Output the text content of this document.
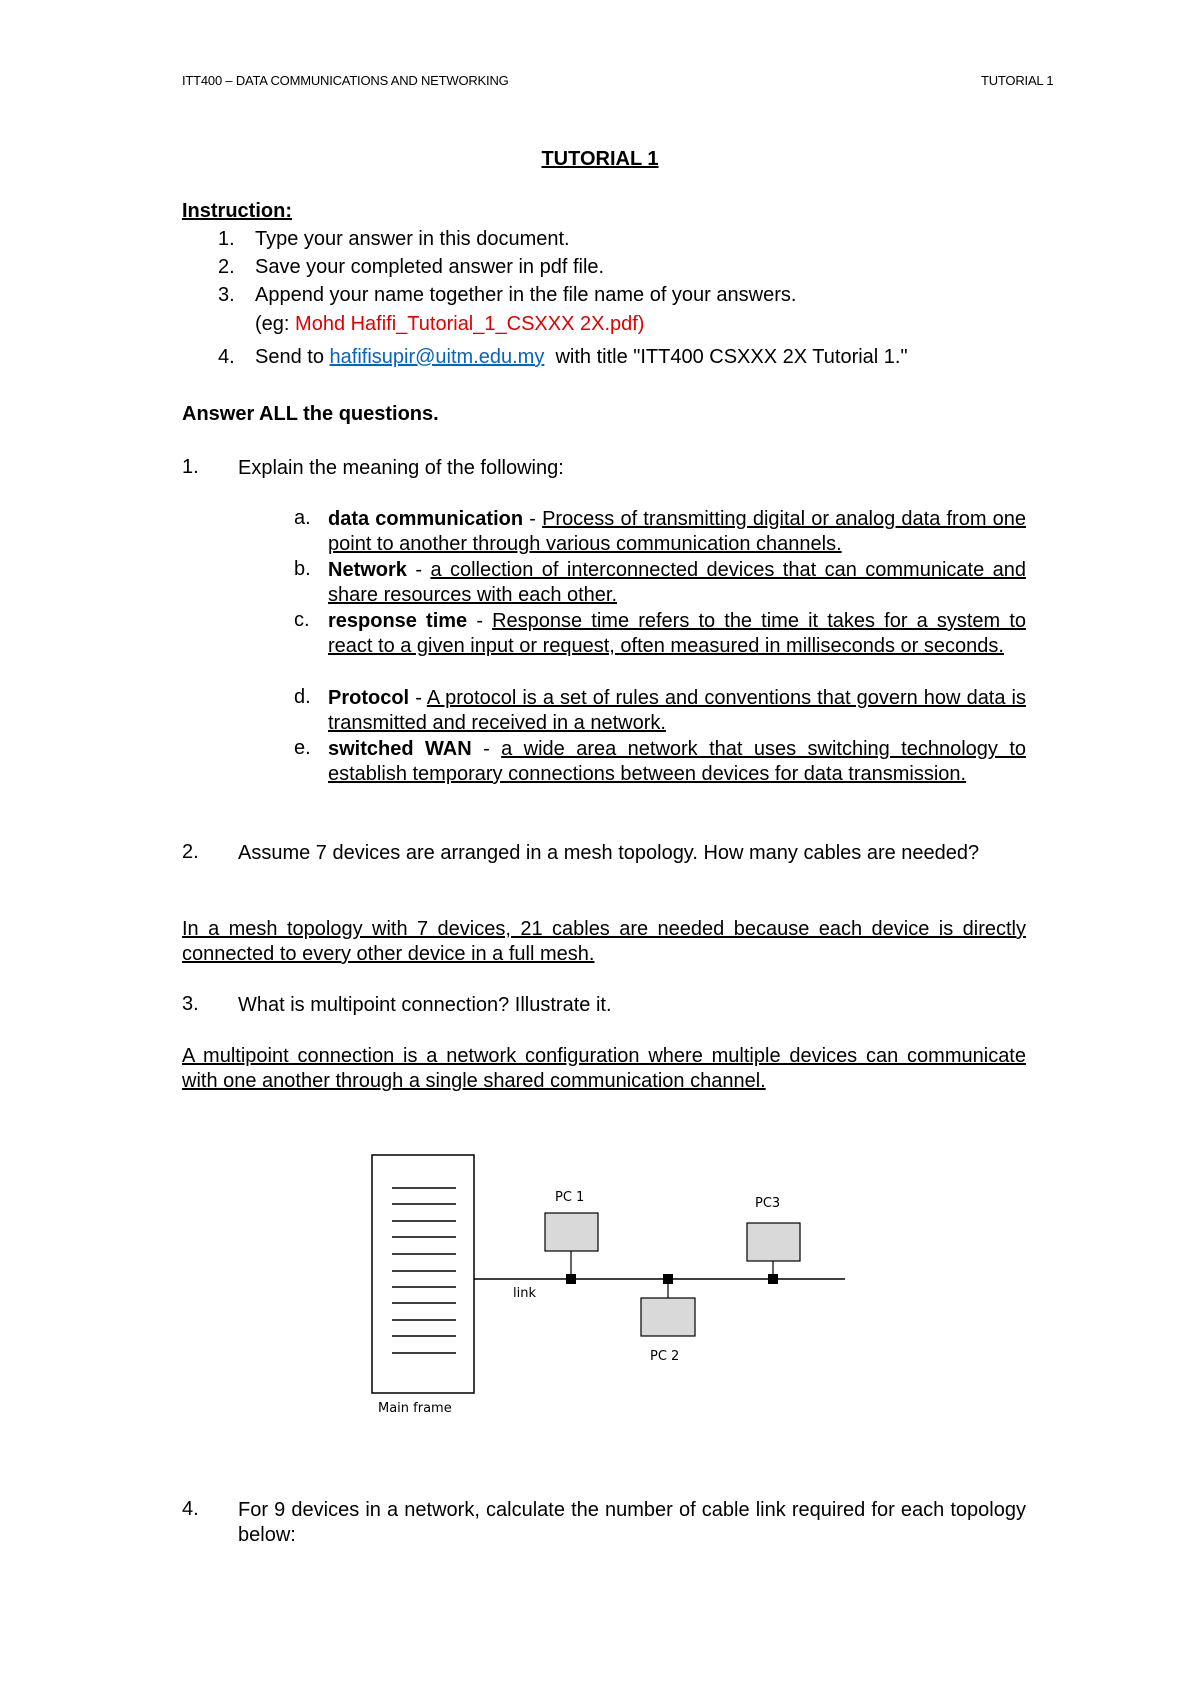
ITT400 – DATA COMMUNICATIONS AND NETWORKING	TUTORIAL 1
TUTORIAL 1
Instruction:
1. Type your answer in this document.
2. Save your completed answer in pdf file.
3. Append your name together in the file name of your answers.
(eg: Mohd Hafifi_Tutorial_1_CSXXX 2X.pdf)
4. Send to hafifisupir@uitm.edu.my  with title "ITT400 CSXXX 2X Tutorial 1."
Answer ALL the questions.
1. Explain the meaning of the following:
a. data communication - Process of transmitting digital or analog data from one point to another through various communication channels.
b. Network - a collection of interconnected devices that can communicate and share resources with each other.
c. response time - Response time refers to the time it takes for a system to react to a given input or request, often measured in milliseconds or seconds.
d. Protocol - A protocol is a set of rules and conventions that govern how data is transmitted and received in a network.
e. switched WAN - a wide area network that uses switching technology to establish temporary connections between devices for data transmission.
2. Assume 7 devices are arranged in a mesh topology. How many cables are needed?
In a mesh topology with 7 devices, 21 cables are needed because each device is directly connected to every other device in a full mesh.
3. What is multipoint connection? Illustrate it.
A multipoint connection is a network configuration where multiple devices can communicate with one another through a single shared communication channel.
PC 1	PC3
PC 2
link
Main frame
4. For 9 devices in a network, calculate the number of cable link required for each topology below:
